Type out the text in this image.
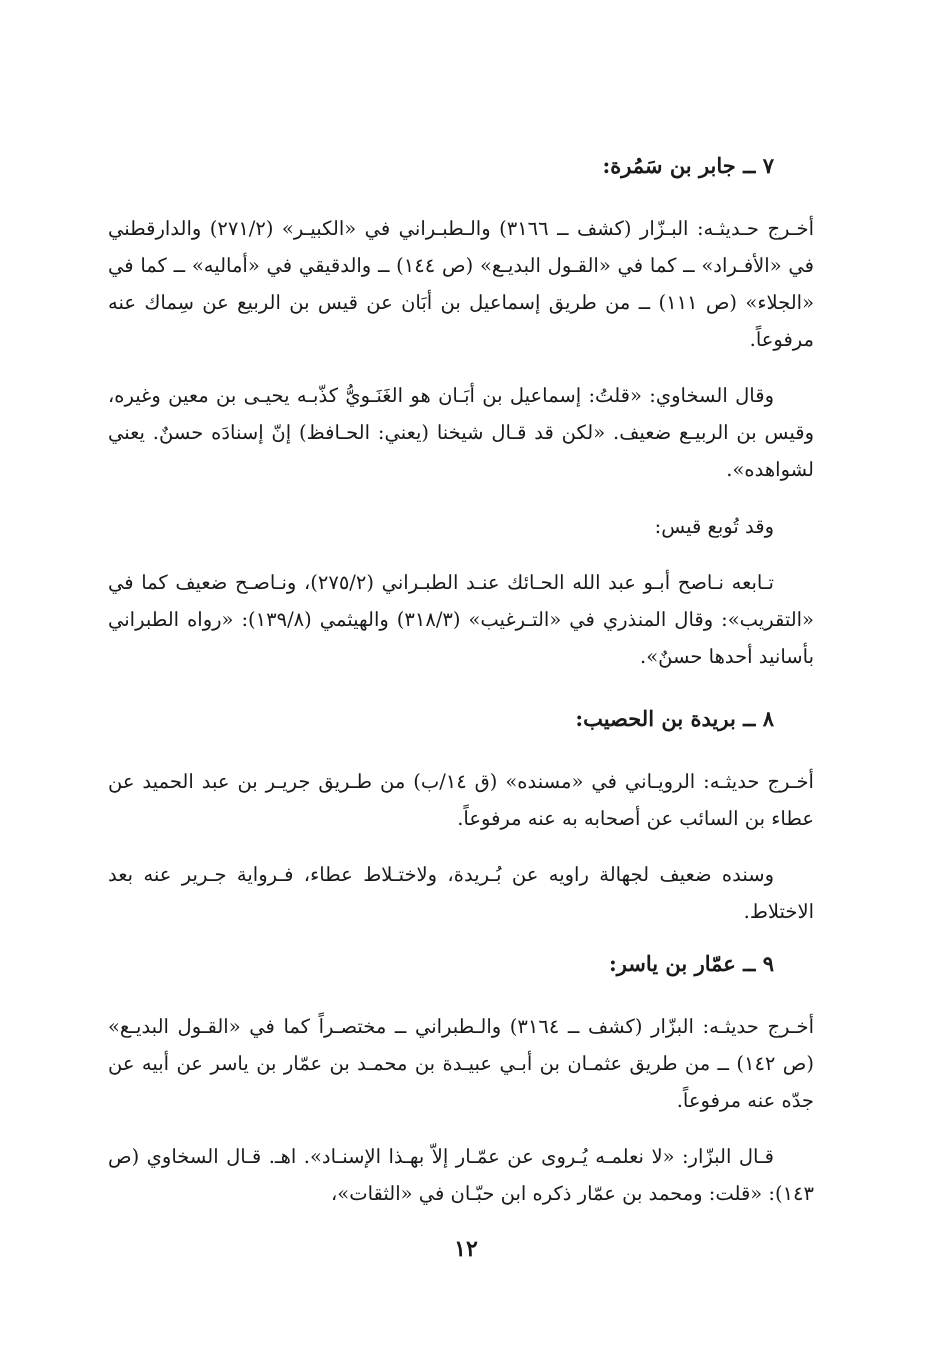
٧ ــ جابر بن سَمُرة:

أخـرج حـديثـه: البـزّار (كشف ــ ٣١٦٦) والـطبـراني في «الكبيـر» (٢٧١/٢) والدارقطني في «الأفـراد» ــ كما في «القـول البديـع» (ص ١٤٤) ــ والدقيقي في «أماليه» ــ كما في «الجلاء» (ص ١١١) ــ من طريق إسماعيل بن أبَان عن قيس بن الربيع عن سِماك عنه مرفوعاً.

وقال السخاوي: «قلتُ: إسماعيل بن أبَـان هو الغَنَـويُّ كذّبـه يحيـى بن معين وغيره، وقيس بن الربيـع ضعيف. «لكن قد قـال شيخنا (يعني: الحـافظ) إنّ إسنادَه حسنٌ. يعني لشواهده».

وقد تُوبع قيس:

تـابعه نـاصح أبـو عبد الله الحـائك عنـد الطبـراني (٢٧٥/٢)، ونـاصـح ضعيف كما في «التقريب»: وقال المنذري في «التـرغيب» (٣١٨/٣) والهيثمي (١٣٩/٨): «رواه الطبراني بأسانيد أحدها حسنٌ».

٨ ــ بريدة بن الحصيب:

أخـرج حديثـه: الرويـاني في «مسنده» (ق ١٤/ب) من طـريق جريـر بن عبد الحميد عن عطاء بن السائب عن أصحابه به عنه مرفوعاً.

وسنده ضعيف لجهالة راويه عن بُـريدة، ولاختـلاط عطاء، فـرواية جـرير عنه بعد الاختلاط.

٩ ــ عمّار بن ياسر:

أخـرج حديثـه: البزّار (كشف ــ ٣١٦٤) والـطبراني ــ مختصـراً كما في «القـول البديـع» (ص ١٤٢) ــ من طريق عثمـان بن أبـي عبيـدة بن محمـد بن عمّار بن ياسر عن أبيه عن جدّه عنه مرفوعاً.

قـال البزّار: «لا نعلمـه يُـروى عن عمّـار إلاّ بهـذا الإسنـاد». اهـ. قـال السخاوي (ص ١٤٣): «قلت: ومحمد بن عمّار ذكره ابن حبّـان في «الثقات»،

١٢
